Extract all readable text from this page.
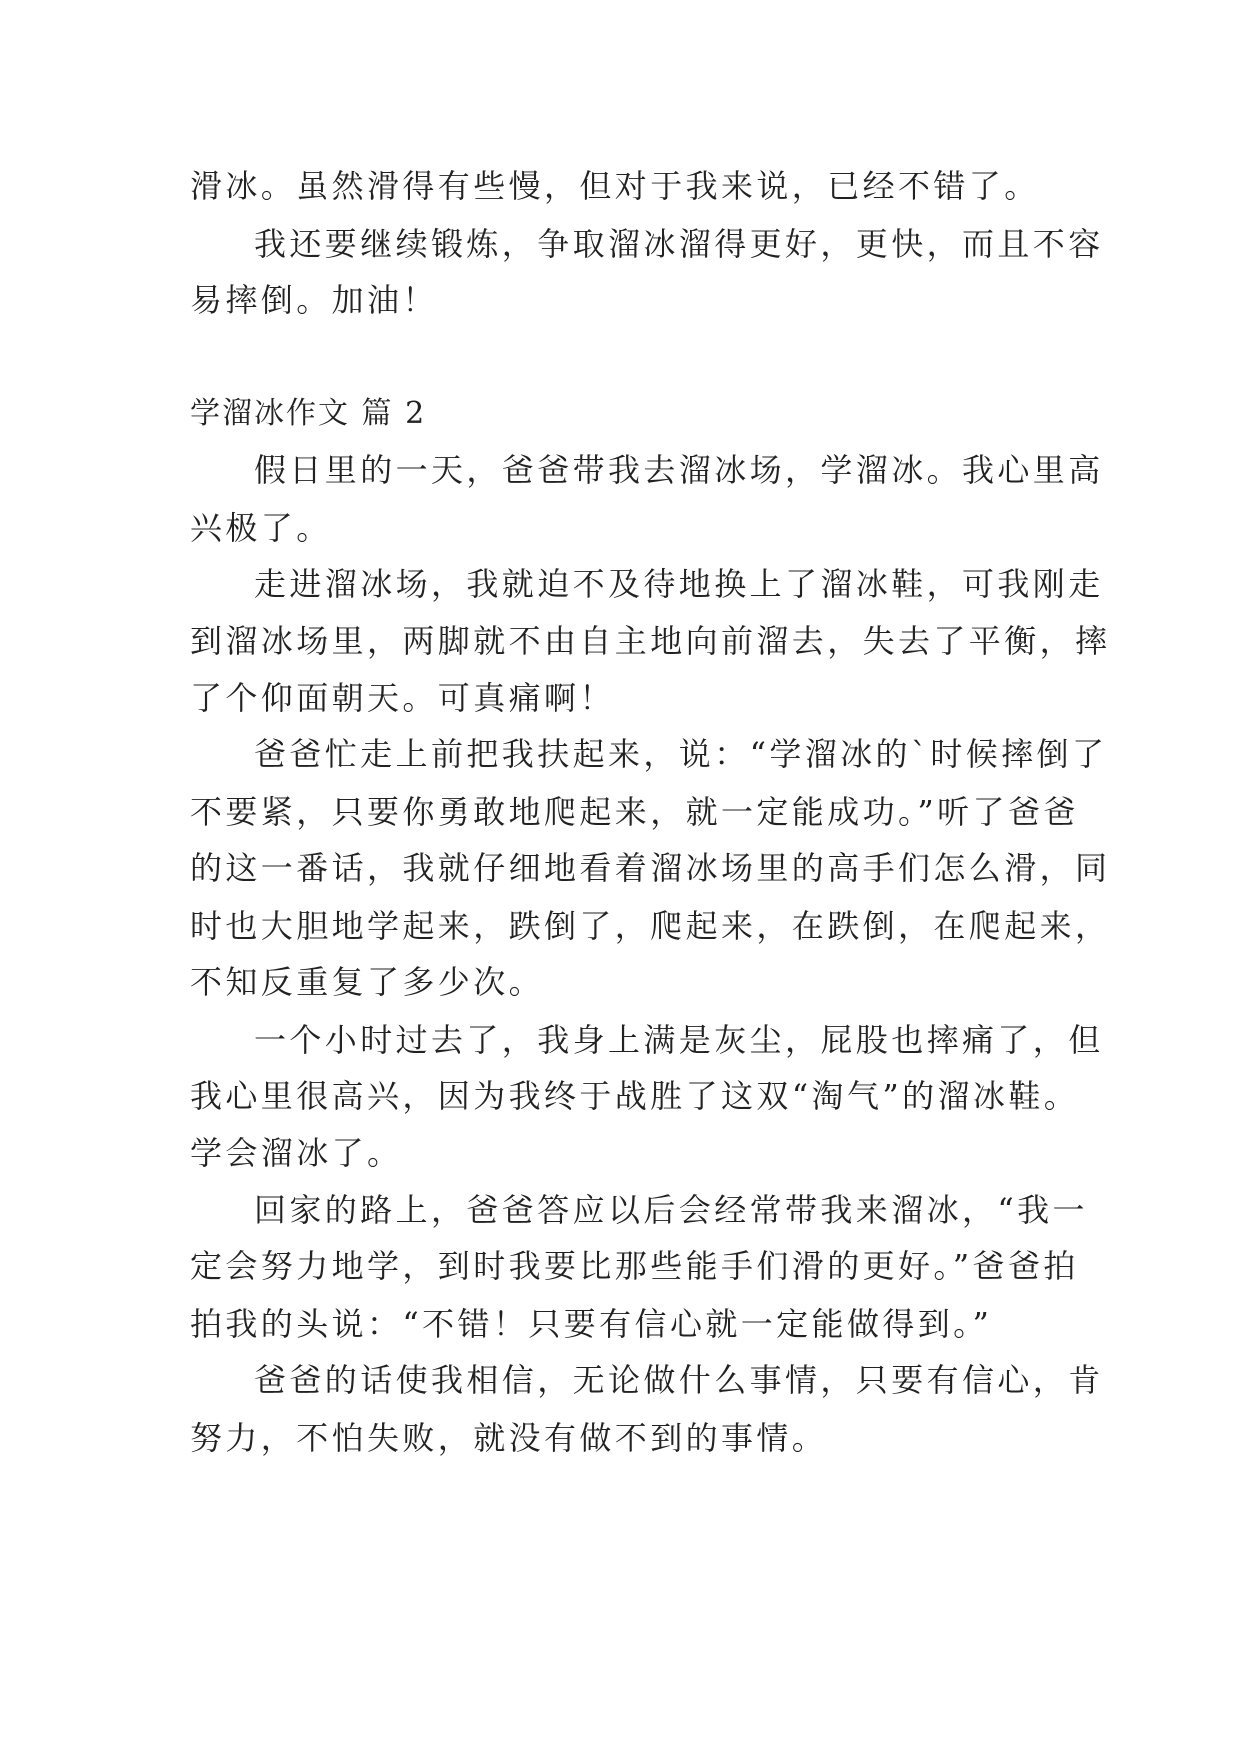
滑冰。虽然滑得有些慢，但对于我来说，已经不错了。
我还要继续锻炼，争取溜冰溜得更好，更快，而且不容
易摔倒。加油！
学溜冰作文 篇 2
假日里的一天，爸爸带我去溜冰场，学溜冰。我心里高
兴极了。
走进溜冰场，我就迫不及待地换上了溜冰鞋，可我刚走
到溜冰场里，两脚就不由自主地向前溜去，失去了平衡，摔
了个仰面朝天。可真痛啊！
爸爸忙走上前把我扶起来，说：“学溜冰的`时候摔倒了
不要紧，只要你勇敢地爬起来，就一定能成功。”听了爸爸
的这一番话，我就仔细地看着溜冰场里的高手们怎么滑，同
时也大胆地学起来，跌倒了，爬起来，在跌倒，在爬起来，
不知反重复了多少次。
一个小时过去了，我身上满是灰尘，屁股也摔痛了，但
我心里很高兴，因为我终于战胜了这双“淘气”的溜冰鞋。
学会溜冰了。
回家的路上，爸爸答应以后会经常带我来溜冰，“我一
定会努力地学，到时我要比那些能手们滑的更好。”爸爸拍
拍我的头说：“不错！只要有信心就一定能做得到。”
爸爸的话使我相信，无论做什么事情，只要有信心，肯
努力，不怕失败，就没有做不到的事情。
